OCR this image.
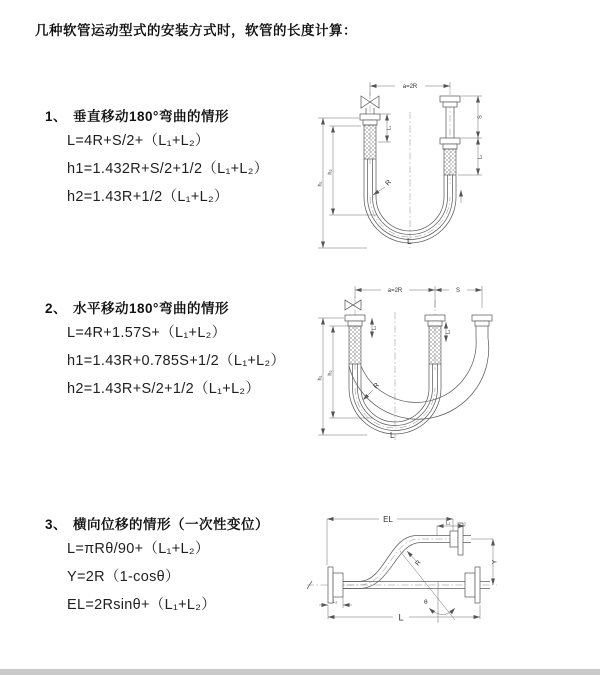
几种软管运动型式的安装方式时，软管的长度计算：
1、 垂直移动180°弯曲的情形
L=4R+S/2+（L₁+L₂）
h1=1.432R+S/2+1/2（L₁+L₂）
h2=1.43R+1/2（L₁+L₂）
2、 水平移动180°弯曲的情形
L=4R+1.57S+（L₁+L₂）
h1=1.43R+0.785S+1/2（L₁+L₂）
h2=1.43R+S/2+1/2（L₁+L₂）
3、 横向位移的情形（一次性变位）
L=πRθ/90+（L₁+L₂）
Y=2R（1-cosθ）
EL=2Rsinθ+（L₁+L₂）
a=2R
h₁
h₂
L₁
S
L₂
R
L
a=2R	S
h₁
h₂
L₁
L₂
R
L
θ
EL	L₁
Y
R
L
L₂
